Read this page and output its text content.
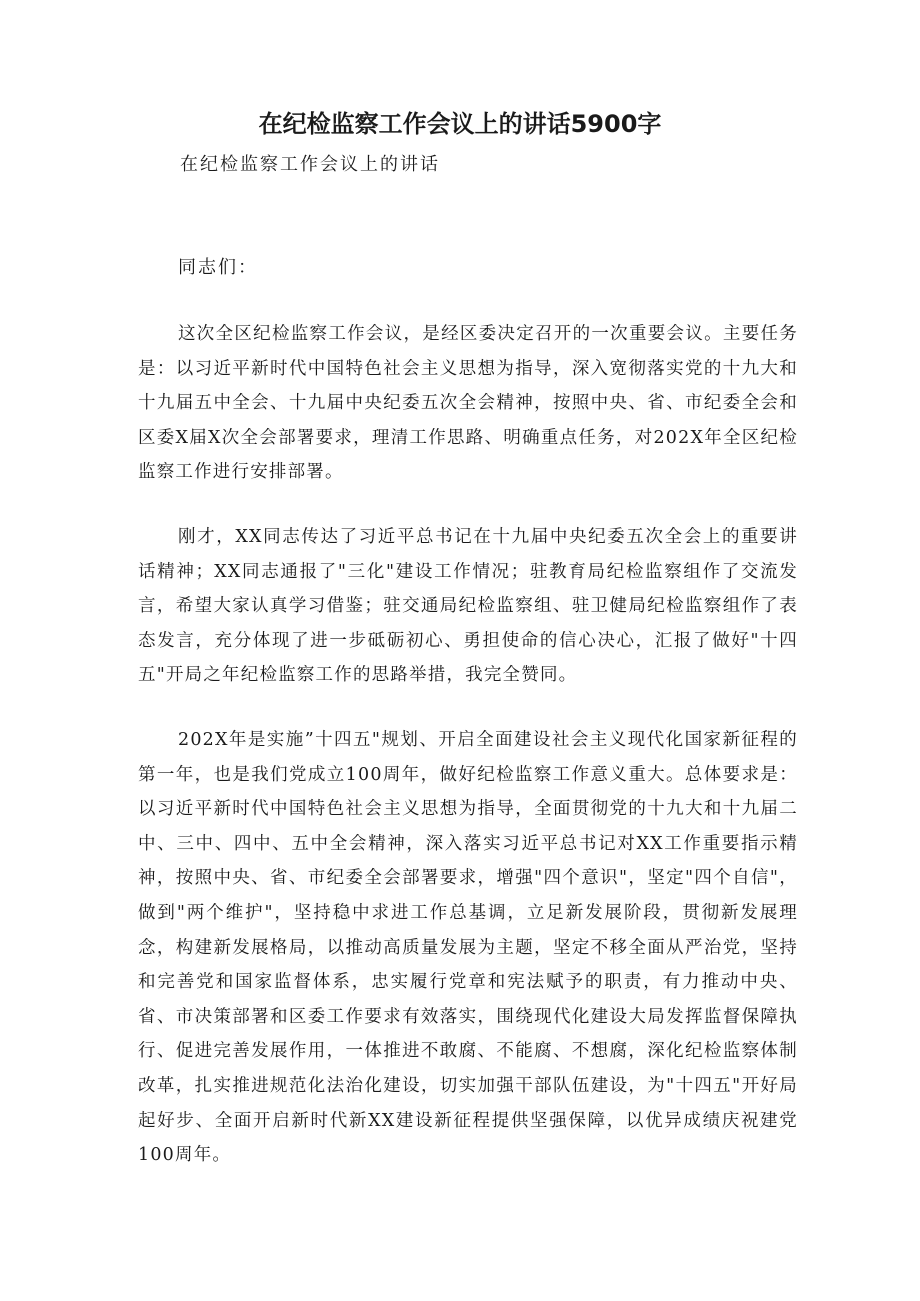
在纪检监察工作会议上的讲话5900字

在纪检监察工作会议上的讲话

同志们：

这次全区纪检监察工作会议，是经区委决定召开的一次重要会议。主要任务是：以习近平新时代中国特色社会主义思想为指导，深入宽彻落实党的十九大和十九届五中全会、十九届中央纪委五次全会精神，按照中央、省、市纪委全会和区委X届X次全会部署要求，理清工作思路、明确重点任务，对202X年全区纪检监察工作进行安排部署。

刚才，XX同志传达了习近平总书记在十九届中央纪委五次全会上的重要讲话精神；XX同志通报了"三化"建设工作情况；驻教育局纪检监察组作了交流发言，希望大家认真学习借鉴；驻交通局纪检监察组、驻卫健局纪检监察组作了表态发言，充分体现了进一步砥砺初心、勇担使命的信心决心，汇报了做好"十四五"开局之年纪检监察工作的思路举措，我完全赞同。

202X年是实施”十四五"规划、开启全面建设社会主义现代化国家新征程的第一年，也是我们党成立100周年，做好纪检监察工作意义重大。总体要求是：以习近平新时代中国特色社会主义思想为指导，全面贯彻党的十九大和十九届二中、三中、四中、五中全会精神，深入落实习近平总书记对XX工作重要指示精神，按照中央、省、市纪委全会部署要求，增强"四个意识"，坚定"四个自信"，做到"两个维护"，坚持稳中求进工作总基调，立足新发展阶段，贯彻新发展理念，构建新发展格局，以推动高质量发展为主题，坚定不移全面从严治党，坚持和完善党和国家监督体系，忠实履行党章和宪法赋予的职责，有力推动中央、省、市决策部署和区委工作要求有效落实，围绕现代化建设大局发挥监督保障执行、促进完善发展作用，一体推进不敢腐、不能腐、不想腐，深化纪检监察体制改革，扎实推进规范化法治化建设，切实加强干部队伍建设，为"十四五"开好局起好步、全面开启新时代新XX建设新征程提供坚强保障，以优异成绩庆祝建党100周年。
